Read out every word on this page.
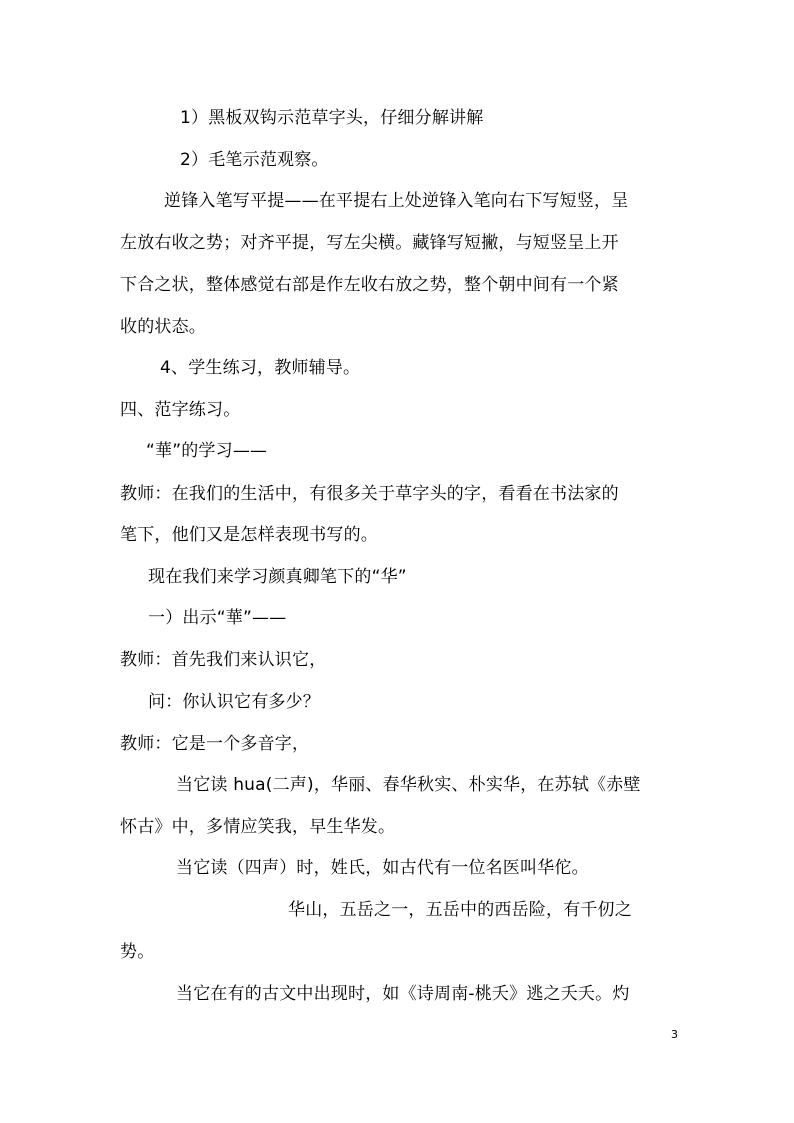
1）黑板双钩示范草字头，仔细分解讲解
2）毛笔示范观察。
逆锋入笔写平提——在平提右上处逆锋入笔向右下写短竖，呈
左放右收之势；对齐平提，写左尖横。藏锋写短撇，与短竖呈上开
下合之状，整体感觉右部是作左收右放之势，整个朝中间有一个紧
收的状态。
4、学生练习，教师辅导。
四、范字练习。
“華”的学习——
教师：在我们的生活中，有很多关于草字头的字，看看在书法家的
笔下，他们又是怎样表现书写的。
现在我们来学习颜真卿笔下的“华”
一）出示“華”——
教师：首先我们来认识它，
问：你认识它有多少？
教师：它是一个多音字，
当它读 hua(二声)，华丽、春华秋实、朴实华，在苏轼《赤壁
怀古》中，多情应笑我，早生华发。
当它读（四声）时，姓氏，如古代有一位名医叫华佗。
华山，五岳之一，五岳中的西岳险，有千仞之
势。
当它在有的古文中出现时，如《诗周南-桃夭》逃之夭夭。灼
3
